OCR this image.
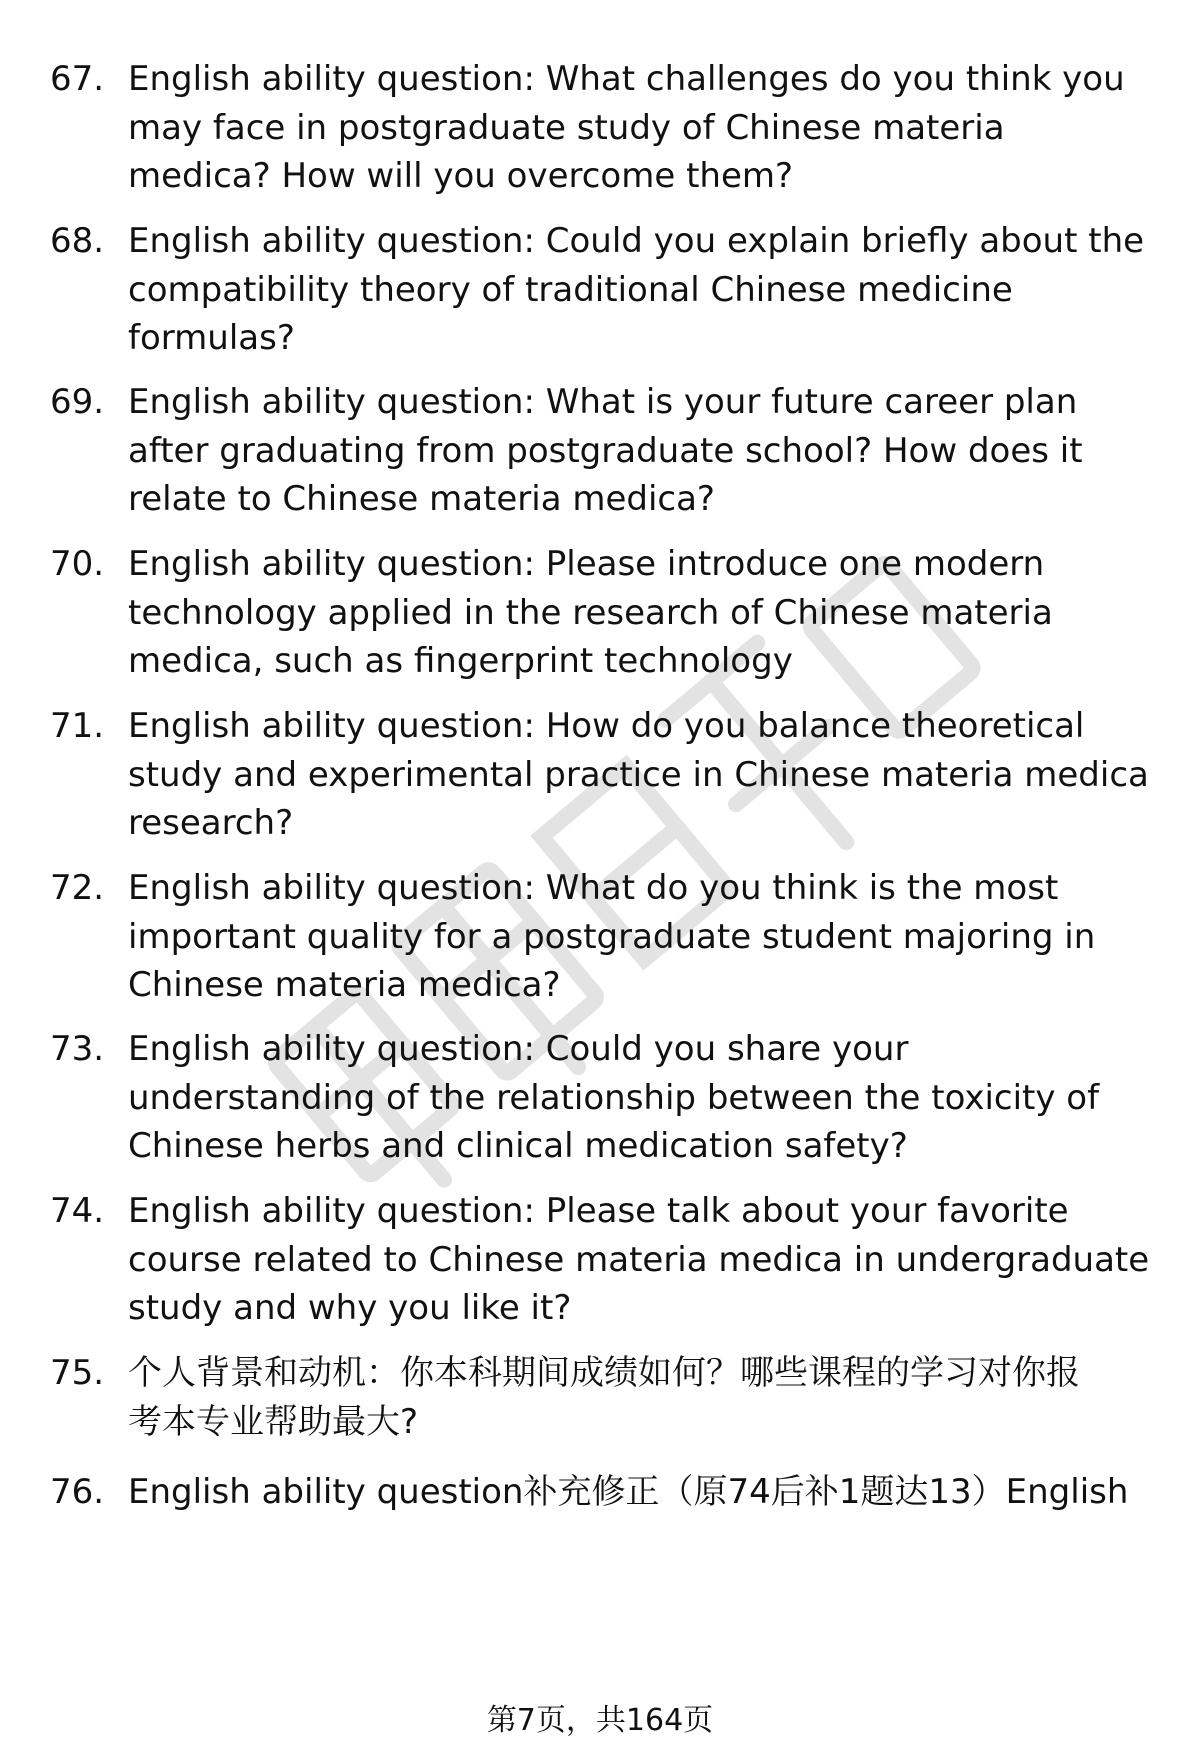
67. English ability question: What challenges do you think you
may face in postgraduate study of Chinese materia
medica? How will you overcome them?
68. English ability question: Could you explain briefly about the
compatibility theory of traditional Chinese medicine
formulas?
69. English ability question: What is your future career plan
after graduating from postgraduate school? How does it
relate to Chinese materia medica?
70. English ability question: Please introduce one modern
technology applied in the research of Chinese materia
medica, such as fingerprint technology
71. English ability question: How do you balance theoretical
study and experimental practice in Chinese materia medica
research?
72. English ability question: What do you think is the most
important quality for a postgraduate student majoring in
Chinese materia medica?
73. English ability question: Could you share your
understanding of the relationship between the toxicity of
Chinese herbs and clinical medication safety?
74. English ability question: Please talk about your favorite
course related to Chinese materia medica in undergraduate
study and why you like it?
75. 个人背景和动机：你本科期间成绩如何？哪些课程的学习对你报
考本专业帮助最大?
76. English ability question补充修正（原74后补1题达13）English
第7页，共164页
